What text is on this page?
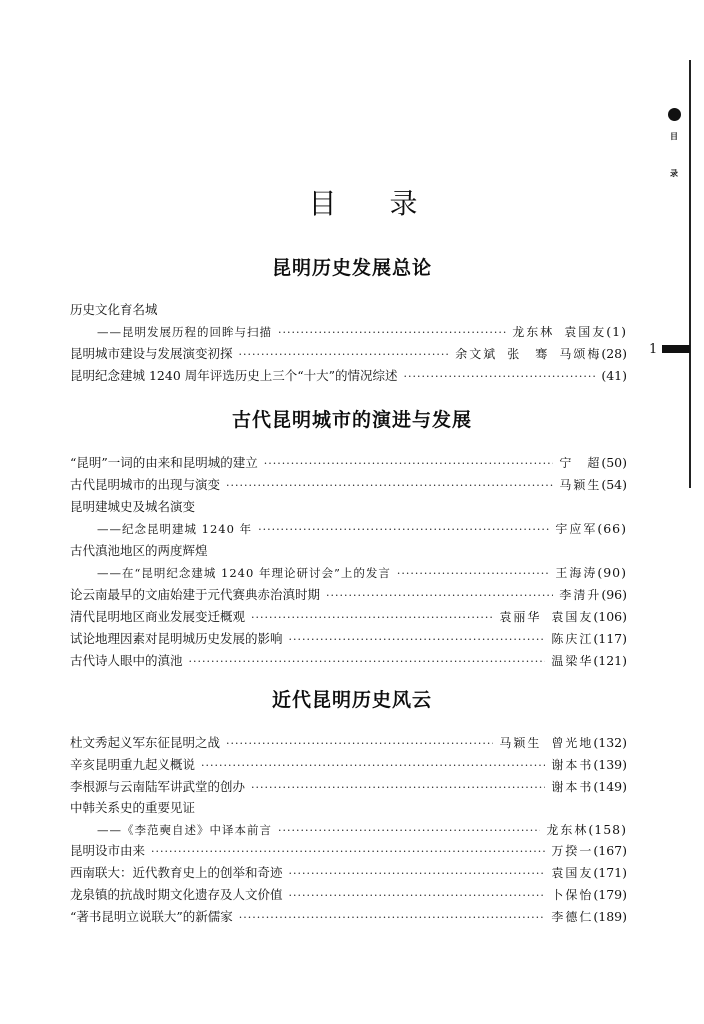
目 录
目
录
1
昆明历史发展总论
历史文化育名城
——昆明发展历程的回眸与扫描 ·····	龙东林 袁国友 (1)
昆明城市建设与发展演变初探 ·····	余文斌 张　骞 马颂梅 (28)
昆明纪念建城 1240 周年评选历史上三个“十大”的情况综述 ·····	(41)
古代昆明城市的演进与发展
“昆明”一词的由来和昆明城的建立 ·····	宁　超 (50)
古代昆明城市的出现与演变 ·····	马颖生 (54)
昆明建城史及城名演变
——纪念昆明建城 1240 年 ·····	宇应军 (66)
古代滇池地区的两度辉煌
——在“昆明纪念建城 1240 年理论研讨会”上的发言 ·····	王海涛 (90)
论云南最早的文庙始建于元代赛典赤治滇时期 ·····	李清升 (96)
清代昆明地区商业发展变迁概观 ·····	袁丽华 袁国友 (106)
试论地理因素对昆明城历史发展的影响 ·····	陈庆江 (117)
古代诗人眼中的滇池 ·····	温梁华 (121)
近代昆明历史风云
杜文秀起义军东征昆明之战 ·····	马颖生 曾光地 (132)
辛亥昆明重九起义概说 ·····	谢本书 (139)
李根源与云南陆军讲武堂的创办 ·····	谢本书 (149)
中韩关系史的重要见证
——《李范奭自述》中译本前言 ·····	龙东林 (158)
昆明设市由来 ·····	万揆一 (167)
西南联大：近代教育史上的创举和奇迹 ·····	袁国友 (171)
龙泉镇的抗战时期文化遗存及人文价值 ·····	卜保怡 (179)
“著书昆明立说联大”的新儒家 ·····	李德仁 (189)
